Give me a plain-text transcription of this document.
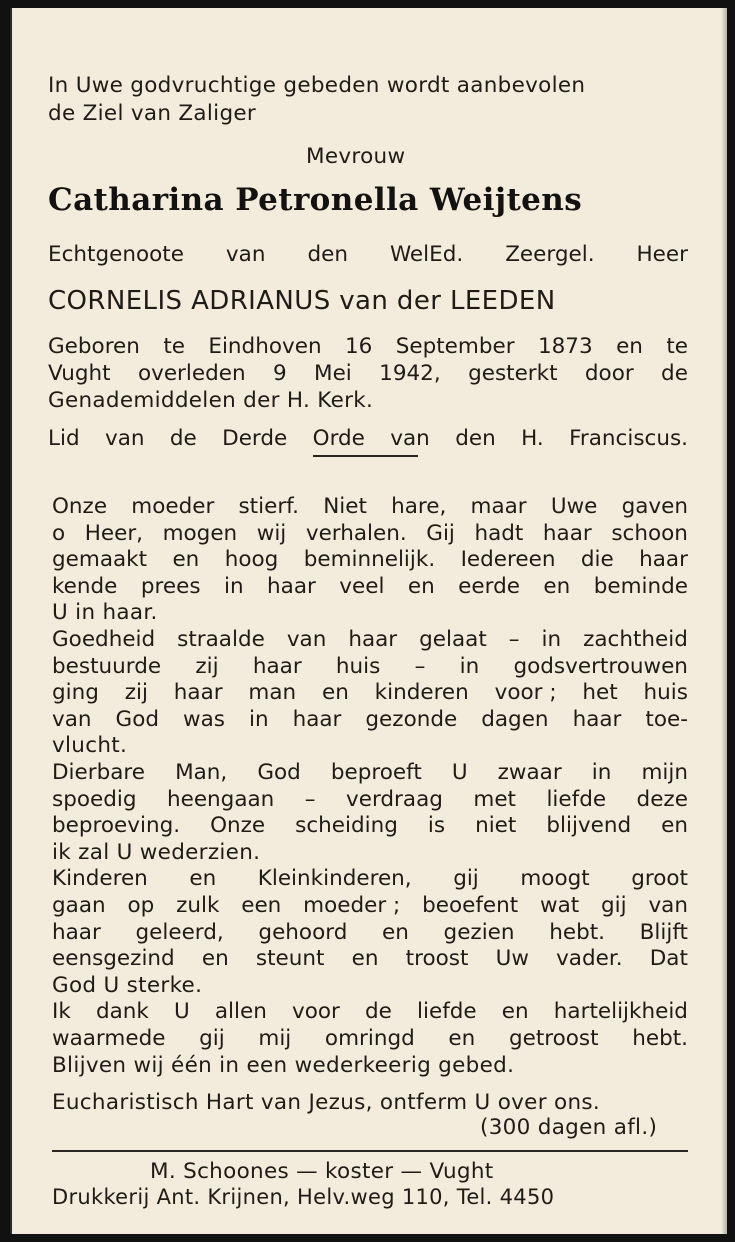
In Uwe godvruchtige gebeden wordt aanbevolen
de Ziel van Zaliger
Mevrouw
Catharina Petronella Weijtens
Echtgenoote van den WelEd. Zeergel. Heer
CORNELIS ADRIANUS van der LEEDEN
Geboren te Eindhoven 16 September 1873 en te
Vught overleden 9 Mei 1942, gesterkt door de
Genademiddelen der H. Kerk.
Lid van de Derde Orde van den H. Franciscus.
Onze moeder stierf. Niet hare, maar Uwe gaven
o Heer, mogen wij verhalen. Gij hadt haar schoon
gemaakt en hoog beminnelijk. Iedereen die haar
kende prees in haar veel en eerde en beminde
U in haar.
Goedheid straalde van haar gelaat – in zachtheid
bestuurde zij haar huis – in godsvertrouwen
ging zij haar man en kinderen voor ; het huis
van God was in haar gezonde dagen haar toe-
vlucht.
Dierbare Man, God beproeft U zwaar in mijn
spoedig heengaan – verdraag met liefde deze
beproeving. Onze scheiding is niet blijvend en
ik zal U wederzien.
Kinderen en Kleinkinderen, gij moogt groot
gaan op zulk een moeder ; beoefent wat gij van
haar geleerd, gehoord en gezien hebt. Blijft
eensgezind en steunt en troost Uw vader. Dat
God U sterke.
Ik dank U allen voor de liefde en hartelijkheid
waarmede gij mij omringd en getroost hebt.
Blijven wij één in een wederkeerig gebed.
Eucharistisch Hart van Jezus, ontferm U over ons.
(300 dagen afl.)
M. Schoones — koster — Vught
Drukkerij Ant. Krijnen, Helv.weg 110, Tel. 4450
